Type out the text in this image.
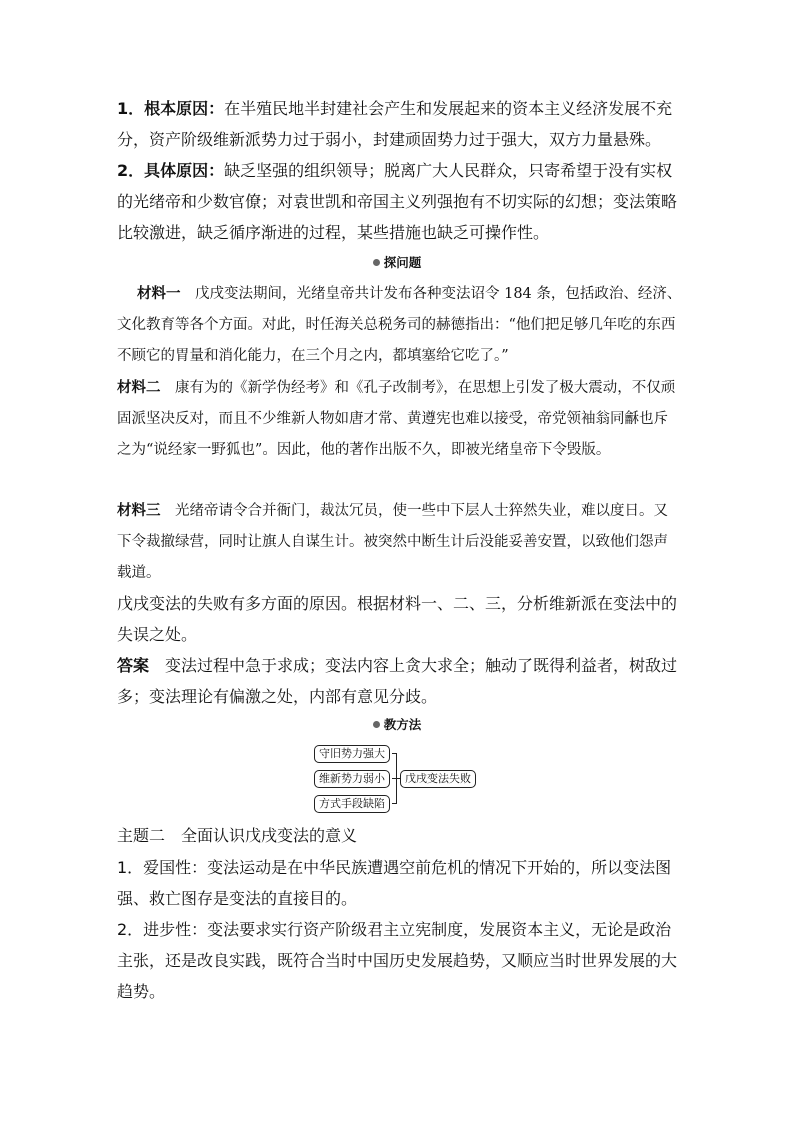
1．根本原因：在半殖民地半封建社会产生和发展起来的资本主义经济发展不充分，资产阶级维新派势力过于弱小，封建顽固势力过于强大，双方力量悬殊。

2．具体原因：缺乏坚强的组织领导；脱离广大人民群众，只寄希望于没有实权的光绪帝和少数官僚；对袁世凯和帝国主义列强抱有不切实际的幻想；变法策略比较激进，缺乏循序渐进的过程，某些措施也缺乏可操作性。

探问题

材料一　 戊戌变法期间，光绪皇帝共计发布各种变法诏令 184 条，包括政治、经济、文化教育等各个方面。对此，时任海关总税务司的赫德指出：“他们把足够几年吃的东西不顾它的胃量和消化能力，在三个月之内，都填塞给它吃了。”

材料二　 康有为的《新学伪经考》和《孔子改制考》，在思想上引发了极大震动，不仅顽固派坚决反对，而且不少维新人物如唐才常、黄遵宪也难以接受，帝党领袖翁同龢也斥之为“说经家一野狐也”。因此，他的著作出版不久，即被光绪皇帝下令毁版。

材料三　 光绪帝请令合并衙门，裁汰冗员，使一些中下层人士猝然失业，难以度日。又下令裁撤绿营，同时让旗人自谋生计。被突然中断生计后没能妥善安置，以致他们怨声载道。

戊戌变法的失败有多方面的原因。根据材料一、二、三，分析维新派在变法中的失误之处。

答案　 变法过程中急于求成；变法内容上贪大求全；触动了既得利益者，树敌过多；变法理论有偏激之处，内部有意见分歧。

教方法
守旧势力强大
维新势力弱小
方式手段缺陷
戊戌变法失败

主题二　全面认识戊戌变法的意义

1．爱国性：变法运动是在中华民族遭遇空前危机的情况下开始的，所以变法图强、救亡图存是变法的直接目的。

2．进步性：变法要求实行资产阶级君主立宪制度，发展资本主义，无论是政治主张，还是改良实践，既符合当时中国历史发展趋势，又顺应当时世界发展的大趋势。
